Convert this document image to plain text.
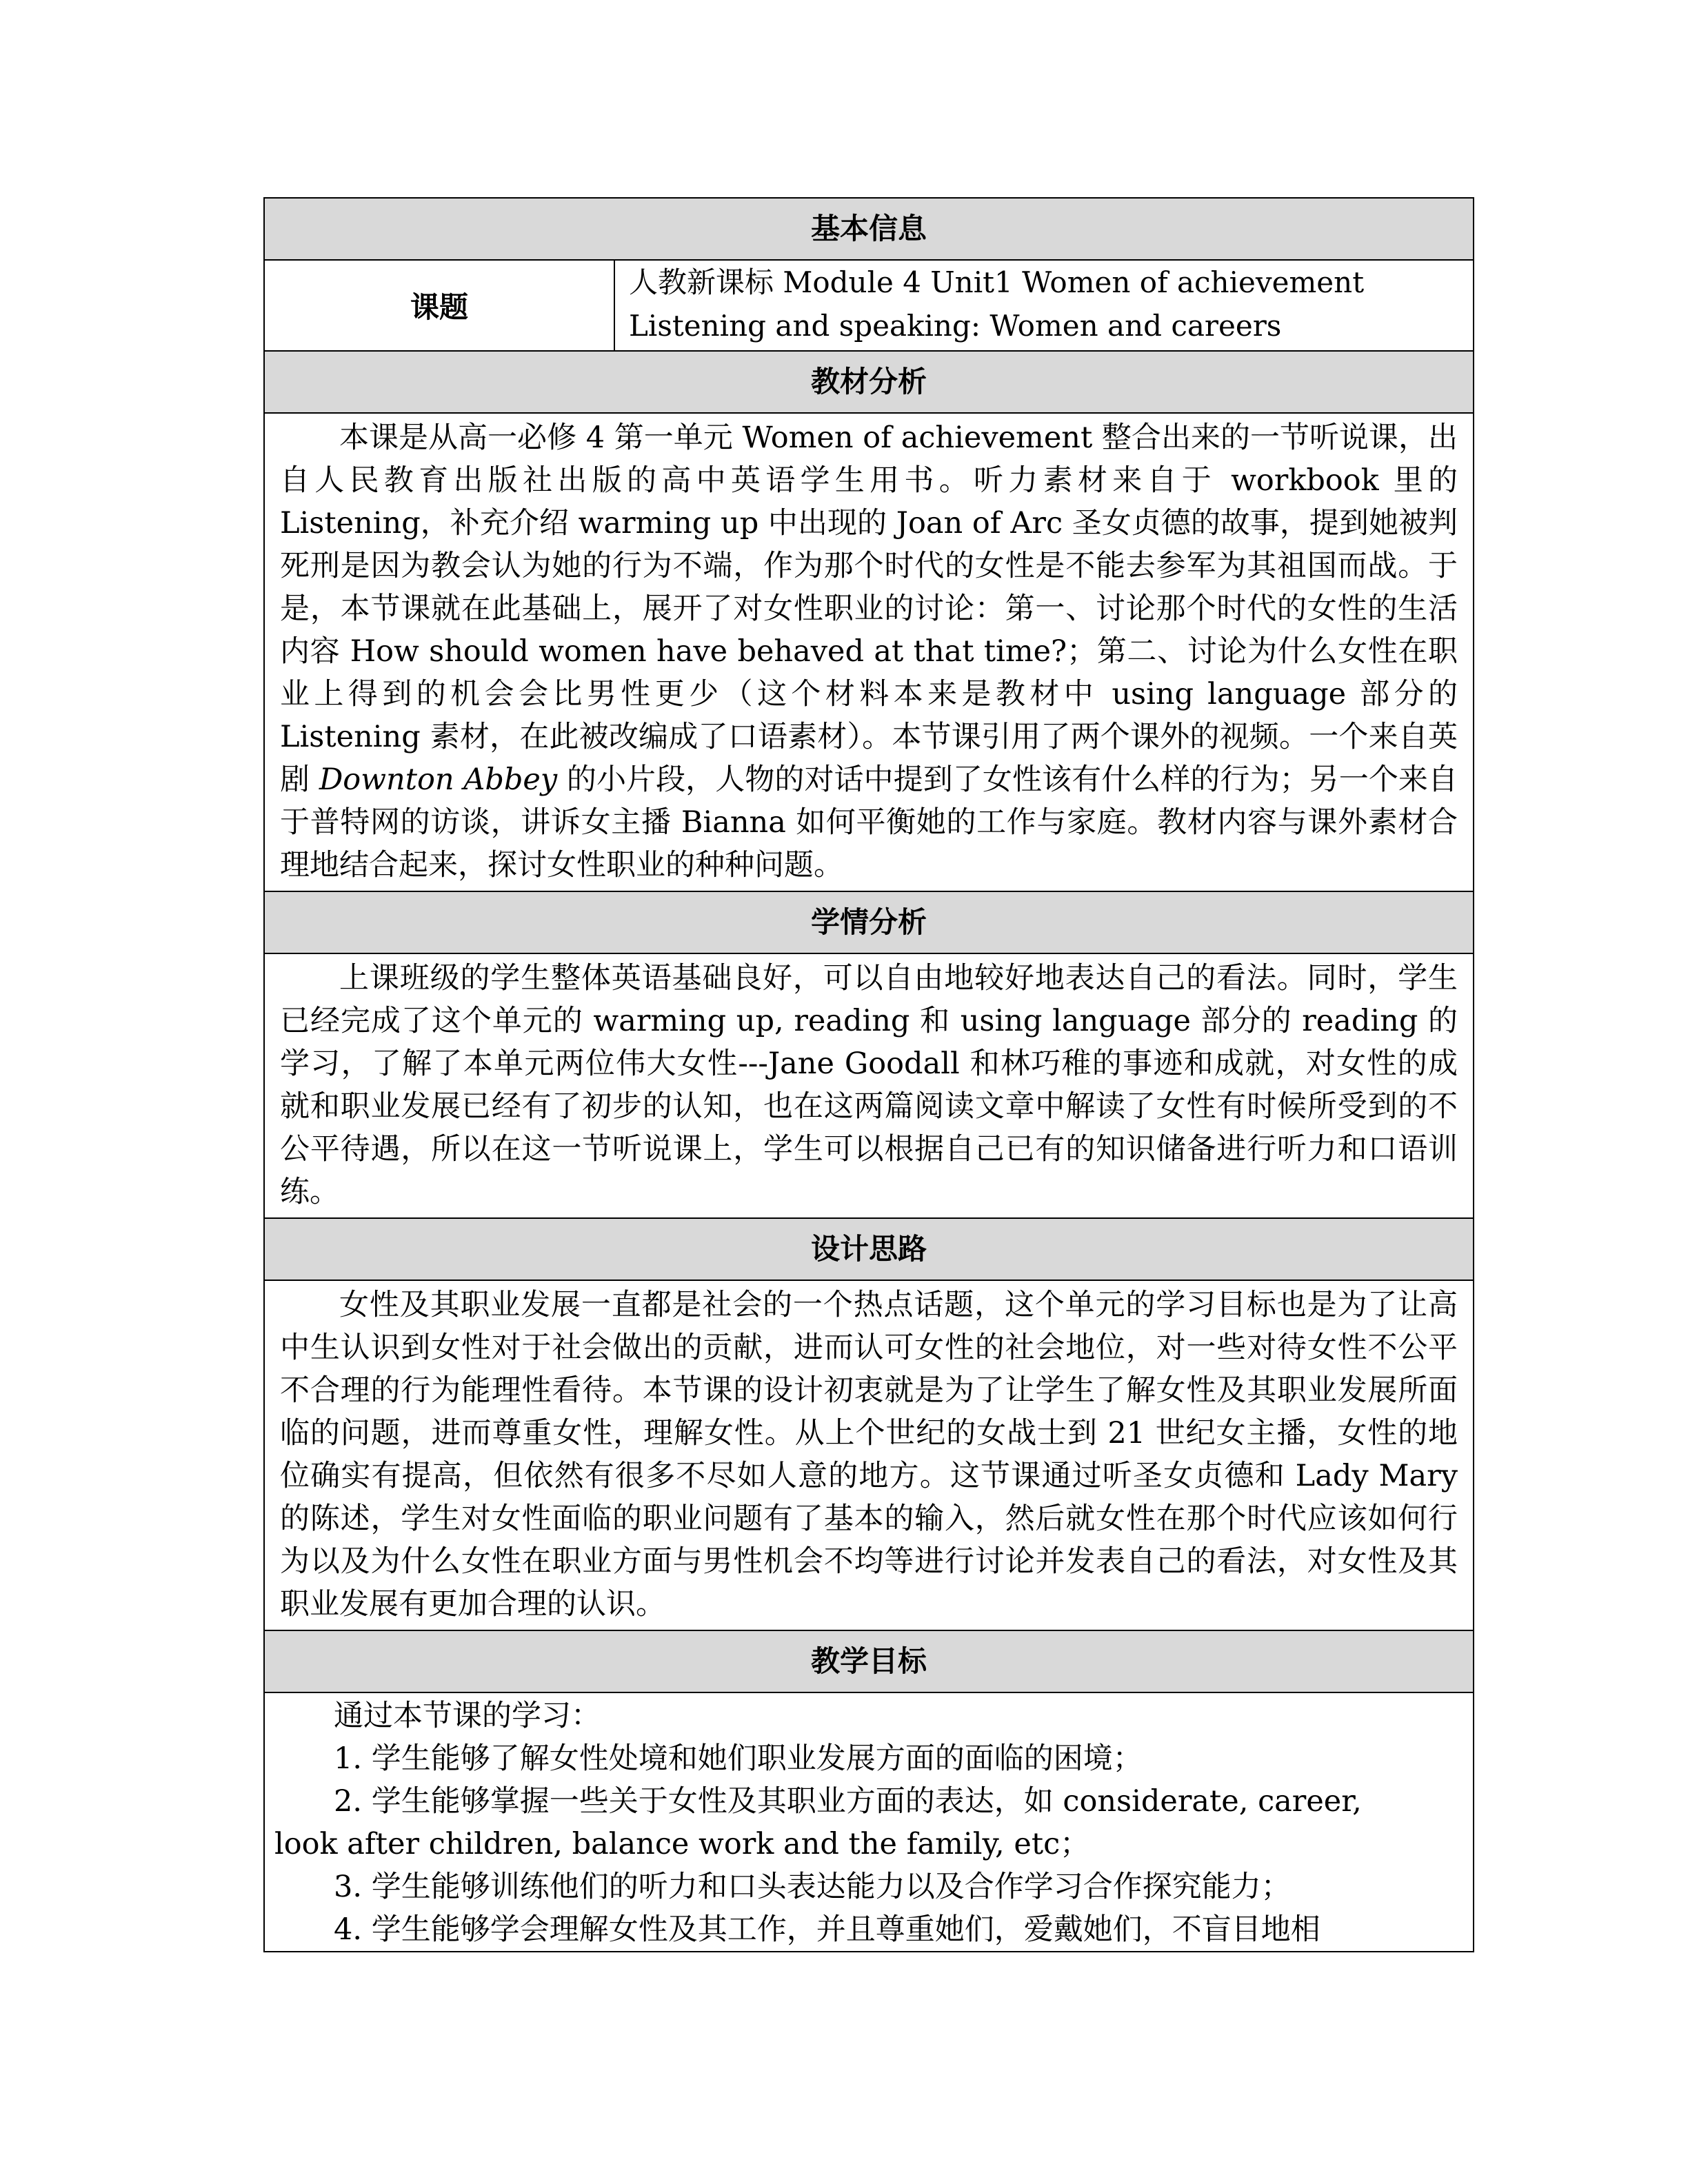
基本信息
课题	
人教新课标 Module 4 Unit1 Women of achievement
Listening and speaking: Women and careers

教材分析

本课是从高一必修 4 第一单元 Women of achievement 整合出来的一节听说课，出自人民教育出版社出版的高中英语学生用书。听力素材来自于 workbook 里的 Listening，补充介绍 warming up 中出现的 Joan of Arc 圣女贞德的故事，提到她被判死刑是因为教会认为她的行为不端，作为那个时代的女性是不能去参军为其祖国而战。于是，本节课就在此基础上，展开了对女性职业的讨论：第一、讨论那个时代的女性的生活内容 How should women have behaved at that time?；第二、讨论为什么女性在职业上得到的机会会比男性更少（这个材料本来是教材中 using language 部分的 Listening 素材，在此被改编成了口语素材）。本节课引用了两个课外的视频。一个来自英剧 Downton Abbey 的小片段，人物的对话中提到了女性该有什么样的行为；另一个来自于普特网的访谈，讲诉女主播 Bianna 如何平衡她的工作与家庭。教材内容与课外素材合理地结合起来，探讨女性职业的种种问题。

学情分析

上课班级的学生整体英语基础良好，可以自由地较好地表达自己的看法。同时，学生已经完成了这个单元的 warming up, reading 和 using language 部分的 reading 的学习，了解了本单元两位伟大女性---Jane Goodall 和林巧稚的事迹和成就，对女性的成就和职业发展已经有了初步的认知，也在这两篇阅读文章中解读了女性有时候所受到的不公平待遇，所以在这一节听说课上，学生可以根据自己已有的知识储备进行听力和口语训练。

设计思路

女性及其职业发展一直都是社会的一个热点话题，这个单元的学习目标也是为了让高中生认识到女性对于社会做出的贡献，进而认可女性的社会地位，对一些对待女性不公平不合理的行为能理性看待。本节课的设计初衷就是为了让学生了解女性及其职业发展所面临的问题，进而尊重女性，理解女性。从上个世纪的女战士到 21 世纪女主播，女性的地位确实有提高，但依然有很多不尽如人意的地方。这节课通过听圣女贞德和 Lady Mary 的陈述，学生对女性面临的职业问题有了基本的输入，然后就女性在那个时代应该如何行为以及为什么女性在职业方面与男性机会不均等进行讨论并发表自己的看法，对女性及其职业发展有更加合理的认识。

教学目标

通过本节课的学习：
1. 学生能够了解女性处境和她们职业发展方面的面临的困境；
2. 学生能够掌握一些关于女性及其职业方面的表达，如 considerate, career,
look after children, balance work and the family, etc；
3. 学生能够训练他们的听力和口头表达能力以及合作学习合作探究能力；
4. 学生能够学会理解女性及其工作，并且尊重她们，爱戴她们，不盲目地相
